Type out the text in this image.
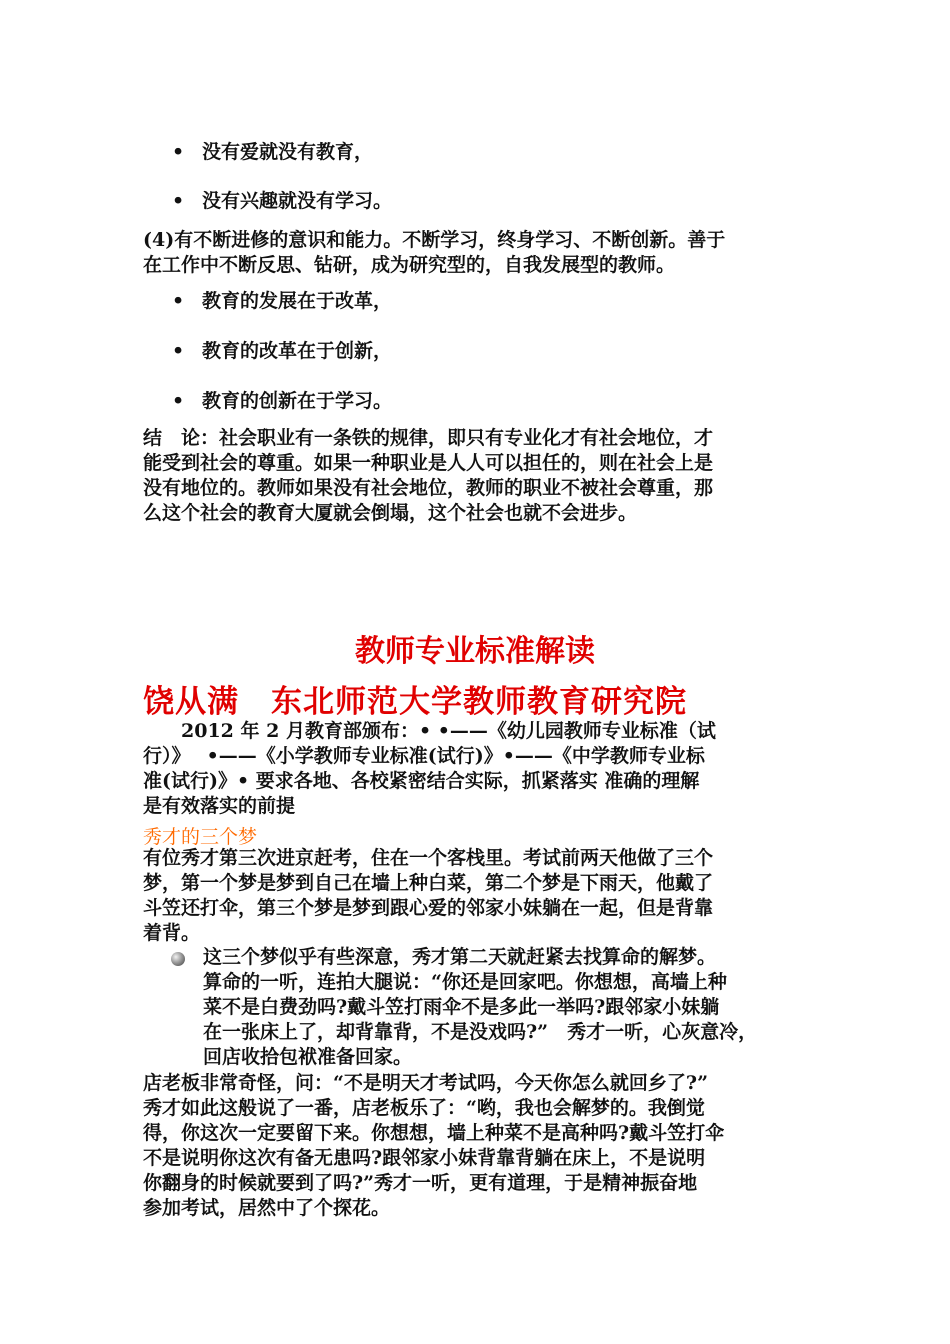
• 没有爱就没有教育，
• 没有兴趣就没有学习。
(4)有不断进修的意识和能力。不断学习，终身学习、不断创新。善于
在工作中不断反思、钻研，成为研究型的，自我发展型的教师。
• 教育的发展在于改革，
• 教育的改革在于创新，
• 教育的创新在于学习。
结　论：社会职业有一条铁的规律，即只有专业化才有社会地位，才
能受到社会的尊重。如果一种职业是人人可以担任的，则在社会上是
没有地位的。教师如果没有社会地位，教师的职业不被社会尊重，那
么这个社会的教育大厦就会倒塌，这个社会也就不会进步。
教师专业标准解读
饶从满　东北师范大学教师教育研究院
　　2012 年 2 月教育部颁布：• •——《幼儿园教师专业标准（试
行）》　 •——《小学教师专业标准(试行)》•——《中学教师专业标
准(试行)》• 要求各地、各校紧密结合实际，抓紧落实 准确的理解
是有效落实的前提
秀才的三个梦
有位秀才第三次进京赶考，住在一个客栈里。考试前两天他做了三个
梦，第一个梦是梦到自己在墙上种白菜，第二个梦是下雨天，他戴了
斗笠还打伞，第三个梦是梦到跟心爱的邻家小妹躺在一起，但是背靠
着背。
这三个梦似乎有些深意，秀才第二天就赶紧去找算命的解梦。
算命的一听，连拍大腿说：“你还是回家吧。你想想，高墙上种
菜不是白费劲吗?戴斗笠打雨伞不是多此一举吗?跟邻家小妹躺
在一张床上了，却背靠背，不是没戏吗?”　秀才一听，心灰意冷，
回店收拾包袱准备回家。
店老板非常奇怪，问：“不是明天才考试吗，今天你怎么就回乡了?”
秀才如此这般说了一番，店老板乐了：“哟，我也会解梦的。我倒觉
得，你这次一定要留下来。你想想，墙上种菜不是高种吗?戴斗笠打伞
不是说明你这次有备无患吗?跟邻家小妹背靠背躺在床上，不是说明
你翻身的时候就要到了吗?”秀才一听，更有道理，于是精神振奋地
参加考试，居然中了个探花。
